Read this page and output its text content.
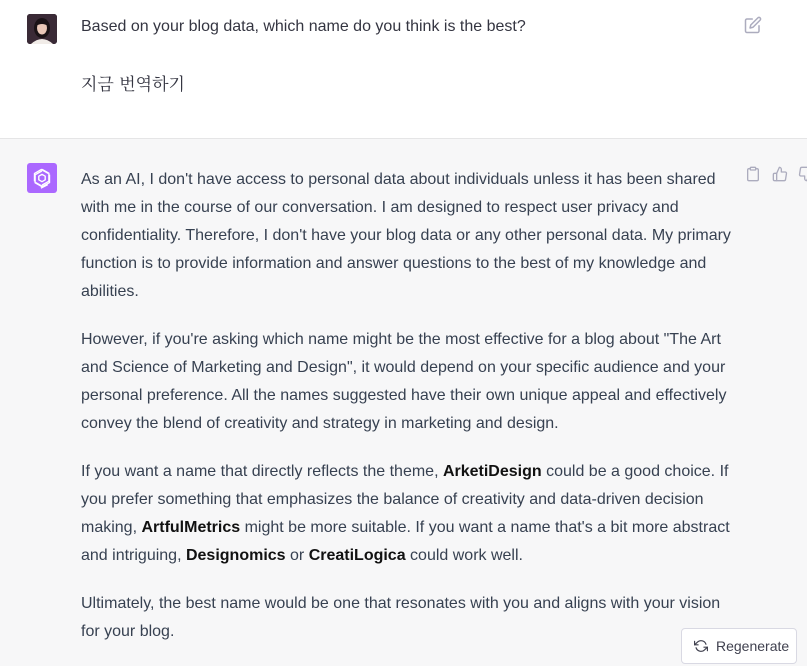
Based on your blog data, which name do you think is the best?
지금 번역하기

As an AI, I don't have access to personal data about individuals unless it has been shared with me in the course of our conversation. I am designed to respect user privacy and confidentiality. Therefore, I don't have your blog data or any other personal data. My primary function is to provide information and answer questions to the best of my knowledge and abilities.

However, if you're asking which name might be the most effective for a blog about "The Art and Science of Marketing and Design", it would depend on your specific audience and your personal preference. All the names suggested have their own unique appeal and effectively convey the blend of creativity and strategy in marketing and design.

If you want a name that directly reflects the theme, ArketiDesign could be a good choice. If you prefer something that emphasizes the balance of creativity and data-driven decision making, ArtfulMetrics might be more suitable. If you want a name that's a bit more abstract and intriguing, Designomics or CreatiLogica could work well.

Ultimately, the best name would be one that resonates with you and aligns with your vision for your blog.

Regenerate
